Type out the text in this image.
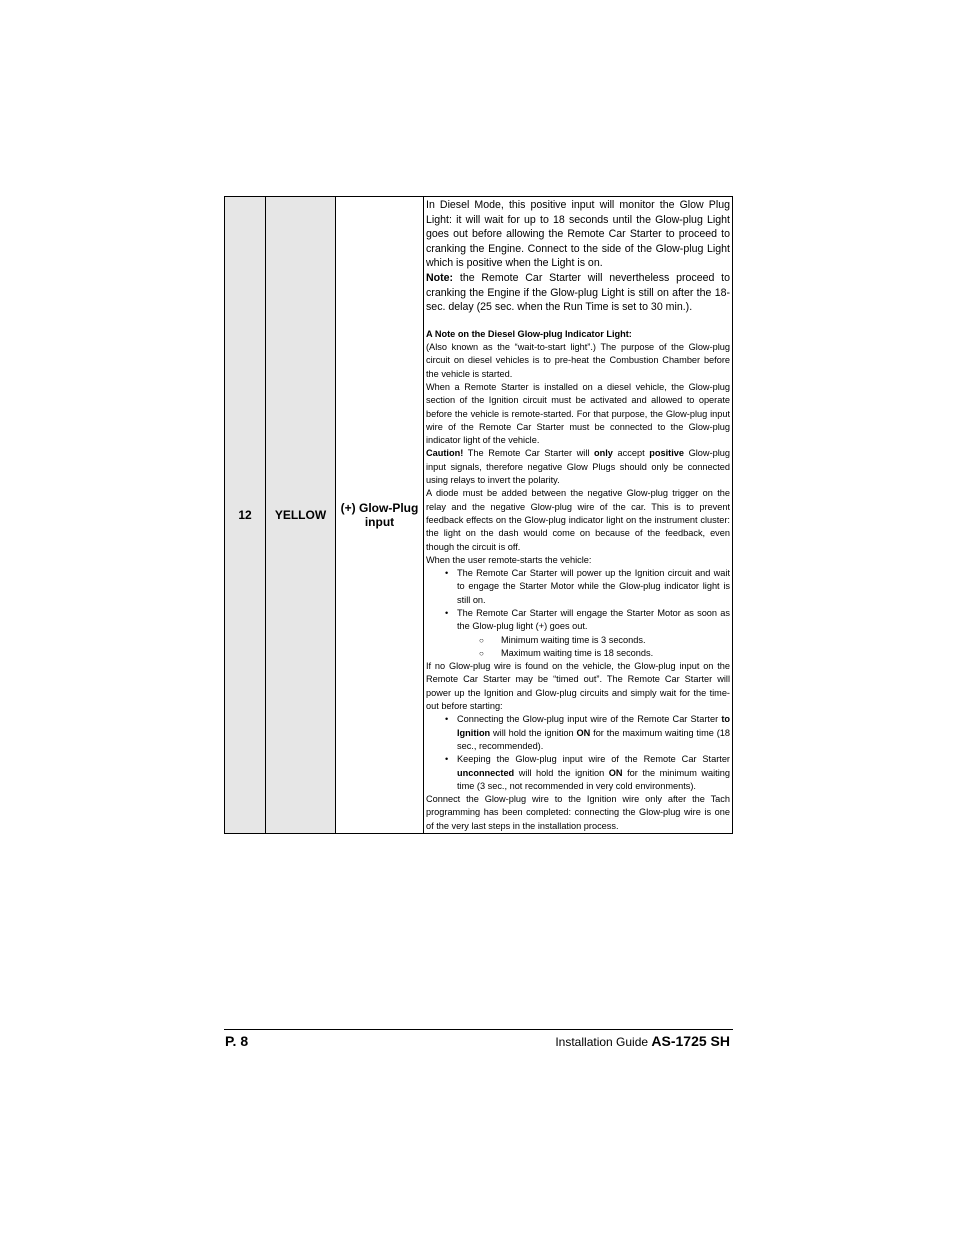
12	YELLOW	(+) Glow-Plug input	

In Diesel Mode, this positive input will monitor the Glow Plug Light: it will wait for up to 18 seconds until the Glow-plug Light goes out before allowing the Remote Car Starter to proceed to cranking the Engine. Connect to the side of the Glow-plug Light which is positive when the Light is on.

Note: the Remote Car Starter will nevertheless proceed to cranking the Engine if the Glow-plug Light is still on after the 18-sec. delay (25 sec. when the Run Time is set to 30 min.).

A Note on the Diesel Glow-plug Indicator Light:

(Also known as the “wait-to-start light”.) The purpose of the Glow-plug circuit on diesel vehicles is to pre-heat the Combustion Chamber before the vehicle is started.

When a Remote Starter is installed on a diesel vehicle, the Glow-plug section of the Ignition circuit must be activated and allowed to operate before the vehicle is remote-started. For that purpose, the Glow-plug input wire of the Remote Car Starter must be connected to the Glow-plug indicator light of the vehicle.

Caution! The Remote Car Starter will only accept positive Glow-plug input signals, therefore negative Glow Plugs should only be connected using relays to invert the polarity.

A diode must be added between the negative Glow-plug trigger on the relay and the negative Glow-plug wire of the car. This is to prevent feedback effects on the Glow-plug indicator light on the instrument cluster: the light on the dash would come on because of the feedback, even though the circuit is off.

When the user remote-starts the vehicle:

• The Remote Car Starter will power up the Ignition circuit and wait to engage the Starter Motor while the Glow-plug indicator light is still on.
• The Remote Car Starter will engage the Starter Motor as soon as the Glow-plug light (+) goes out.
○ Minimum waiting time is 3 seconds.
○ Maximum waiting time is 18 seconds.

If no Glow-plug wire is found on the vehicle, the Glow-plug input on the Remote Car Starter may be “timed out”. The Remote Car Starter will power up the Ignition and Glow-plug circuits and simply wait for the time-out before starting:

• Connecting the Glow-plug input wire of the Remote Car Starter to Ignition will hold the ignition ON for the maximum waiting time (18 sec., recommended).
• Keeping the Glow-plug input wire of the Remote Car Starter unconnected will hold the ignition ON for the minimum waiting time (3 sec., not recommended in very cold environments).

Connect the Glow-plug wire to the Ignition wire only after the Tach programming has been completed: connecting the Glow-plug wire is one of the very last steps in the installation process.

P. 8	Installation Guide AS-1725 SH
